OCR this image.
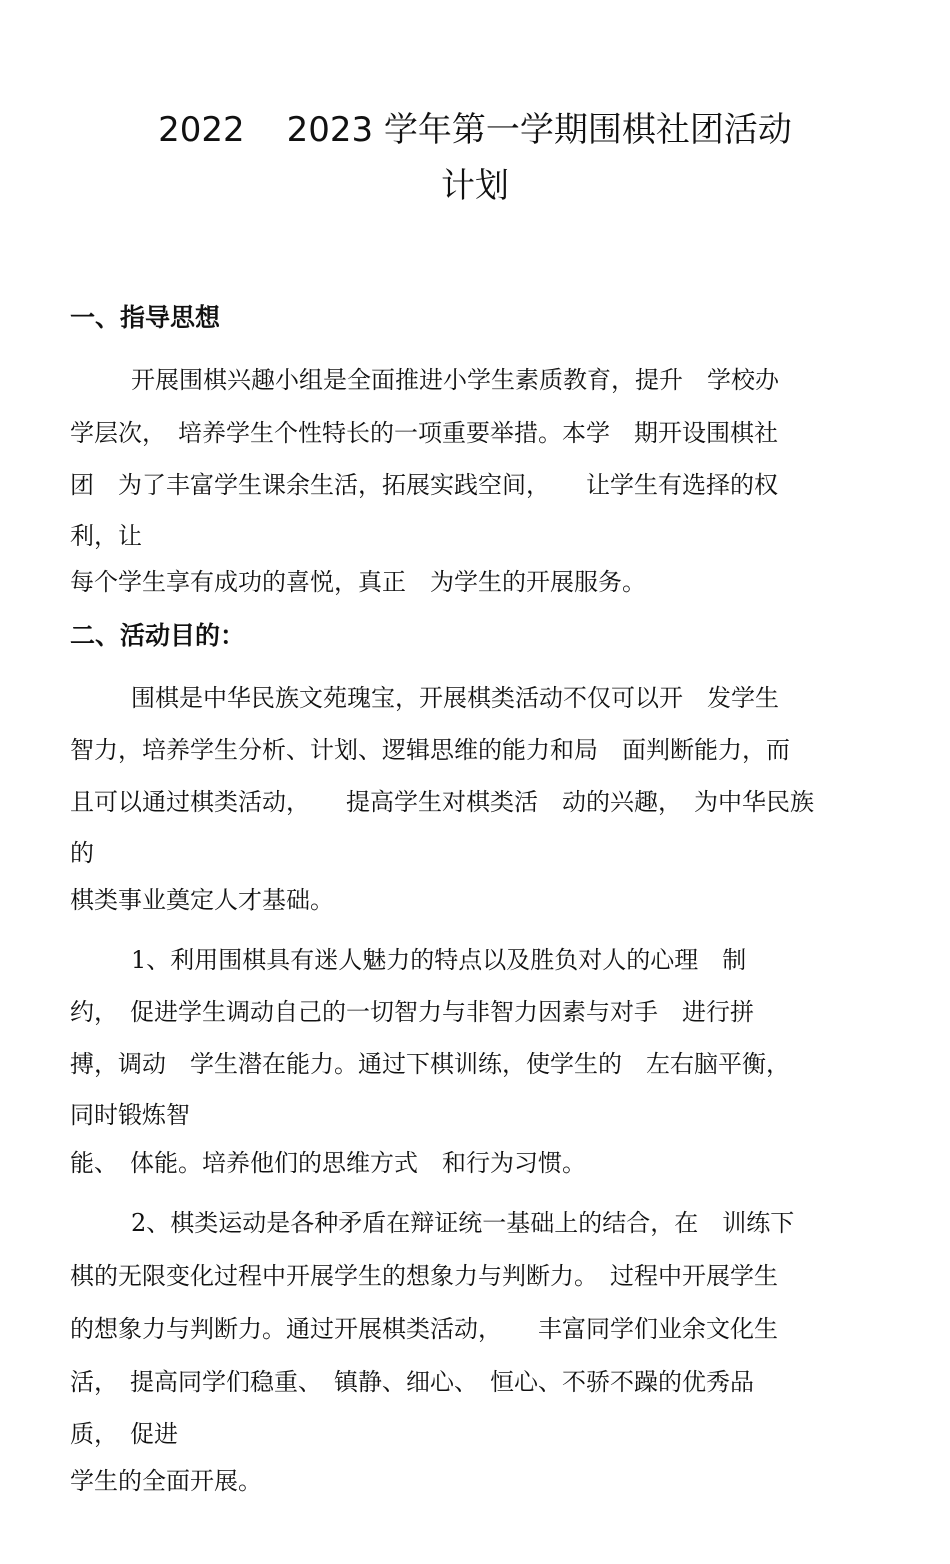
2022 2023 学年第一学期围棋社团活动
计划
一、指导思想
开展围棋兴趣小组是全面推进小学生素质教育，提升　学校办
学层次，　培养学生个性特长的一项重要举措。本学　期开设围棋社
团　为了丰富学生课余生活，拓展实践空间，　　让学生有选择的权
利，让
每个学生享有成功的喜悦，真正　为学生的开展服务。
二、活动目的：
围棋是中华民族文苑瑰宝，开展棋类活动不仅可以开　发学生
智力，培养学生分析、计划、逻辑思维的能力和局　面判断能力，而
且可以通过棋类活动，　　提高学生对棋类活　动的兴趣，　为中华民族
的
棋类事业奠定人才基础。
1、利用围棋具有迷人魅力的特点以及胜负对人的心理　制
约，　促进学生调动自己的一切智力与非智力因素与对手　进行拼
搏，调动　学生潜在能力。通过下棋训练，使学生的　左右脑平衡，
同时锻炼智
能、　体能。培养他们的思维方式　和行为习惯。
2、棋类运动是各种矛盾在辩证统一基础上的结合，在　训练下
棋的无限变化过程中开展学生的想象力与判断力。　过程中开展学生
的想象力与判断力。通过开展棋类活动，　　丰富同学们业余文化生
活，　提高同学们稳重、　镇静、细心、　恒心、不骄不躁的优秀品
质，　促进
学生的全面开展。
